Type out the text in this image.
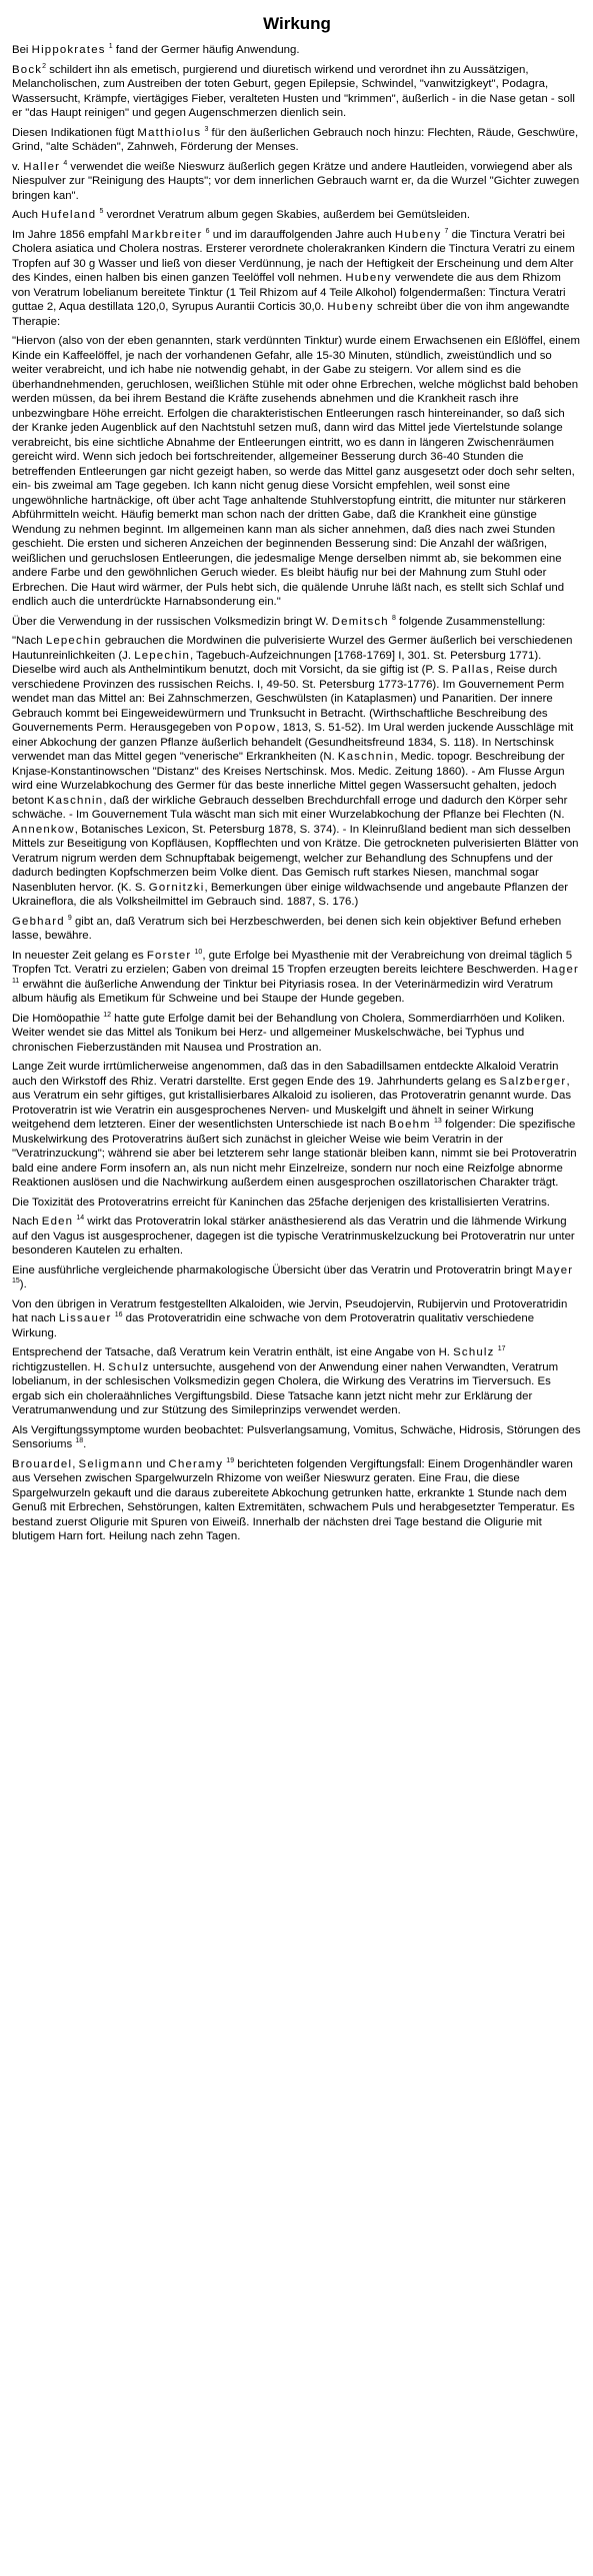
Wirkung

Bei Hippokrates $^1$ fand der Germer häufig Anwendung.

Bock$^2$ schildert ihn als emetisch, purgierend und diuretisch wirkend und verordnet ihn zu Aussätzigen, Melancholischen, zum Austreiben der toten Geburt, gegen Epilepsie, Schwindel, "vanwitzigkeyt", Podagra, Wassersucht, Krämpfe, viertägiges Fieber, veralteten Husten und "krimmen", äußerlich - in die Nase getan - soll er "das Haupt reinigen" und gegen Augenschmerzen dienlich sein.

Diesen Indikationen fügt Matthiolus $^3$ für den äußerlichen Gebrauch noch hinzu: Flechten, Räude, Geschwüre, Grind, "alte Schäden", Zahnweh, Förderung der Menses.

v. Haller $^4$ verwendet die weiße Nieswurz äußerlich gegen Krätze und andere Hautleiden, vorwiegend aber als Niespulver zur "Reinigung des Haupts"; vor dem innerlichen Gebrauch warnt er, da die Wurzel "Gichter zuwegen bringen kan".

Auch Hufeland $^5$ verordnet Veratrum album gegen Skabies, außerdem bei Gemütsleiden.

Im Jahre 1856 empfahl Markbreiter $^6$ und im darauffolgenden Jahre auch Hubeny $^7$ die Tinctura Veratri bei Cholera asiatica und Cholera nostras. Ersterer verordnete cholerakranken Kindern die Tinctura Veratri zu einem Tropfen auf 30 g Wasser und ließ von dieser Verdünnung, je nach der Heftigkeit der Erscheinung und dem Alter des Kindes, einen halben bis einen ganzen Teelöffel voll nehmen. Hubeny verwendete die aus dem Rhizom von Veratrum lobelianum bereitete Tinktur (1 Teil Rhizom auf 4 Teile Alkohol) folgendermaßen: Tinctura Veratri guttae 2, Aqua destillata 120,0, Syrupus Aurantii Corticis 30,0. Hubeny schreibt über die von ihm angewandte Therapie:

"Hiervon (also von der eben genannten, stark verdünnten Tinktur) wurde einem Erwachsenen ein Eßlöffel, einem Kinde ein Kaffeelöffel, je nach der vorhandenen Gefahr, alle 15-30 Minuten, stündlich, zweistündlich und so weiter verabreicht, und ich habe nie notwendig gehabt, in der Gabe zu steigern. Vor allem sind es die überhandnehmenden, geruchlosen, weißlichen Stühle mit oder ohne Erbrechen, welche möglichst bald behoben werden müssen, da bei ihrem Bestand die Kräfte zusehends abnehmen und die Krankheit rasch ihre unbezwingbare Höhe erreicht. Erfolgen die charakteristischen Entleerungen rasch hintereinander, so daß sich der Kranke jeden Augenblick auf den Nachtstuhl setzen muß, dann wird das Mittel jede Viertelstunde solange verabreicht, bis eine sichtliche Abnahme der Entleerungen eintritt, wo es dann in längeren Zwischenräumen gereicht wird. Wenn sich jedoch bei fortschreitender, allgemeiner Besserung durch 36-40 Stunden die betreffenden Entleerungen gar nicht gezeigt haben, so werde das Mittel ganz ausgesetzt oder doch sehr selten, ein- bis zweimal am Tage gegeben. Ich kann nicht genug diese Vorsicht empfehlen, weil sonst eine ungewöhnliche hartnäckige, oft über acht Tage anhaltende Stuhlverstopfung eintritt, die mitunter nur stärkeren Abführmitteln weicht. Häufig bemerkt man schon nach der dritten Gabe, daß die Krankheit eine günstige Wendung zu nehmen beginnt. Im allgemeinen kann man als sicher annehmen, daß dies nach zwei Stunden geschieht. Die ersten und sicheren Anzeichen der beginnenden Besserung sind: Die Anzahl der wäßrigen, weißlichen und geruchslosen Entleerungen, die jedesmalige Menge derselben nimmt ab, sie bekommen eine andere Farbe und den gewöhnlichen Geruch wieder. Es bleibt häufig nur bei der Mahnung zum Stuhl oder Erbrechen. Die Haut wird wärmer, der Puls hebt sich, die quälende Unruhe läßt nach, es stellt sich Schlaf und endlich auch die unterdrückte Harnabsonderung ein."

Über die Verwendung in der russischen Volksmedizin bringt W. Demitsch $^8$ folgende Zusammenstellung:

"Nach Lepechin gebrauchen die Mordwinen die pulverisierte Wurzel des Germer äußerlich bei verschiedenen Hautunreinlichkeiten (J. Lepechin, Tagebuch-Aufzeichnungen [1768-1769] I, 301. St. Petersburg 1771). Dieselbe wird auch als Anthelmintikum benutzt, doch mit Vorsicht, da sie giftig ist (P. S. Pallas, Reise durch verschiedene Provinzen des russischen Reichs. I, 49-50. St. Petersburg 1773-1776). Im Gouvernement Perm wendet man das Mittel an: Bei Zahnschmerzen, Geschwülsten (in Kataplasmen) und Panaritien. Der innere Gebrauch kommt bei Eingeweidewürmern und Trunksucht in Betracht. (Wirthschaftliche Beschreibung des Gouvernements Perm. Herausgegeben von Popow, 1813, S. 51-52). Im Ural werden juckende Ausschläge mit einer Abkochung der ganzen Pflanze äußerlich behandelt (Gesundheitsfreund 1834, S. 118). In Nertschinsk verwendet man das Mittel gegen "venerische" Erkrankheiten (N. Kaschnin, Medic. topogr. Beschreibung der Knjase-Konstantinowschen "Distanz" des Kreises Nertschinsk. Mos. Medic. Zeitung 1860). - Am Flusse Argun wird eine Wurzelabkochung des Germer für das beste innerliche Mittel gegen Wassersucht gehalten, jedoch betont Kaschnin, daß der wirkliche Gebrauch desselben Brechdurchfall erroge und dadurch den Körper sehr schwäche. - Im Gouvernement Tula wäscht man sich mit einer Wurzelabkochung der Pflanze bei Flechten (N. Annenkow, Botanisches Lexicon, St. Petersburg 1878, S. 374). - In Kleinrußland bedient man sich desselben Mittels zur Beseitigung von Kopfläusen, Kopfflechten und von Krätze. Die getrockneten pulverisierten Blätter von Veratrum nigrum werden dem Schnupftabak beigemengt, welcher zur Behandlung des Schnupfens und der dadurch bedingten Kopfschmerzen beim Volke dient. Das Gemisch ruft starkes Niesen, manchmal sogar Nasenbluten hervor. (K. S. Gornitzki, Bemerkungen über einige wildwachsende und angebaute Pflanzen der Ukraineflora, die als Volksheilmittel im Gebrauch sind. 1887, S. 176.)

Gebhard $^9$ gibt an, daß Veratrum sich bei Herzbeschwerden, bei denen sich kein objektiver Befund erheben lasse, bewähre.

In neuester Zeit gelang es Forster $^{10}$, gute Erfolge bei Myasthenie mit der Verabreichung von dreimal täglich 5 Tropfen Tct. Veratri zu erzielen; Gaben von dreimal 15 Tropfen erzeugten bereits leichtere Beschwerden. Hager $^{11}$ erwähnt die äußerliche Anwendung der Tinktur bei Pityriasis rosea. In der Veterinärmedizin wird Veratrum album häufig als Emetikum für Schweine und bei Staupe der Hunde gegeben.

Die Homöopathie $^{12}$ hatte gute Erfolge damit bei der Behandlung von Cholera, Sommerdiarrhöen und Koliken. Weiter wendet sie das Mittel als Tonikum bei Herz- und allgemeiner Muskelschwäche, bei Typhus und chronischen Fieberzuständen mit Nausea und Prostration an.

Lange Zeit wurde irrtümlicherweise angenommen, daß das in den Sabadillsamen entdeckte Alkaloid Veratrin auch den Wirkstoff des Rhiz. Veratri darstellte. Erst gegen Ende des 19. Jahrhunderts gelang es Salzberger, aus Veratrum ein sehr giftiges, gut kristallisierbares Alkaloid zu isolieren, das Protoveratrin genannt wurde. Das Protoveratrin ist wie Veratrin ein ausgesprochenes Nerven- und Muskelgift und ähnelt in seiner Wirkung weitgehend dem letzteren. Einer der wesentlichsten Unterschiede ist nach Boehm $^{13}$ folgender: Die spezifische Muskelwirkung des Protoveratrins äußert sich zunächst in gleicher Weise wie beim Veratrin in der "Veratrinzuckung"; während sie aber bei letzterem sehr lange stationär bleiben kann, nimmt sie bei Protoveratrin bald eine andere Form insofern an, als nun nicht mehr Einzelreize, sondern nur noch eine Reizfolge abnorme Reaktionen auslösen und die Nachwirkung außerdem einen ausgesprochen oszillatorischen Charakter trägt.

Die Toxizität des Protoveratrins erreicht für Kaninchen das 25fache derjenigen des kristallisierten Veratrins.

Nach Eden $^{14}$ wirkt das Protoveratrin lokal stärker anästhesierend als das Veratrin und die lähmende Wirkung auf den Vagus ist ausgesprochener, dagegen ist die typische Veratrinmuskelzuckung bei Protoveratrin nur unter besonderen Kautelen zu erhalten.

Eine ausführliche vergleichende pharmakologische Übersicht über das Veratrin und Protoveratrin bringt Mayer $^{15}$).

Von den übrigen in Veratrum festgestellten Alkaloiden, wie Jervin, Pseudojervin, Rubijervin und Protoveratridin hat nach Lissauer $^{16}$ das Protoveratridin eine schwache von dem Protoveratrin qualitativ verschiedene Wirkung.

Entsprechend der Tatsache, daß Veratrum kein Veratrin enthält, ist eine Angabe von H. Schulz $^{17}$ richtigzustellen. H. Schulz untersuchte, ausgehend von der Anwendung einer nahen Verwandten, Veratrum lobelianum, in der schlesischen Volksmedizin gegen Cholera, die Wirkung des Veratrins im Tierversuch. Es ergab sich ein choleraähnliches Vergiftungsbild. Diese Tatsache kann jetzt nicht mehr zur Erklärung der Veratrumanwendung und zur Stützung des Simileprinzips verwendet werden.

Als Vergiftungssymptome wurden beobachtet: Pulsverlangsamung, Vomitus, Schwäche, Hidrosis, Störungen des Sensoriums $^{18}$.

Brouardel, Seligmann und Cheramy $^{19}$ berichteten folgenden Vergiftungsfall: Einem Drogenhändler waren aus Versehen zwischen Spargelwurzeln Rhizome von weißer Nieswurz geraten. Eine Frau, die diese Spargelwurzeln gekauft und die daraus zubereitete Abkochung getrunken hatte, erkrankte 1 Stunde nach dem Genuß mit Erbrechen, Sehstörungen, kalten Extremitäten, schwachem Puls und herabgesetzter Temperatur. Es bestand zuerst Oligurie mit Spuren von Eiweiß. Innerhalb der nächsten drei Tage bestand die Oligurie mit blutigem Harn fort. Heilung nach zehn Tagen.
